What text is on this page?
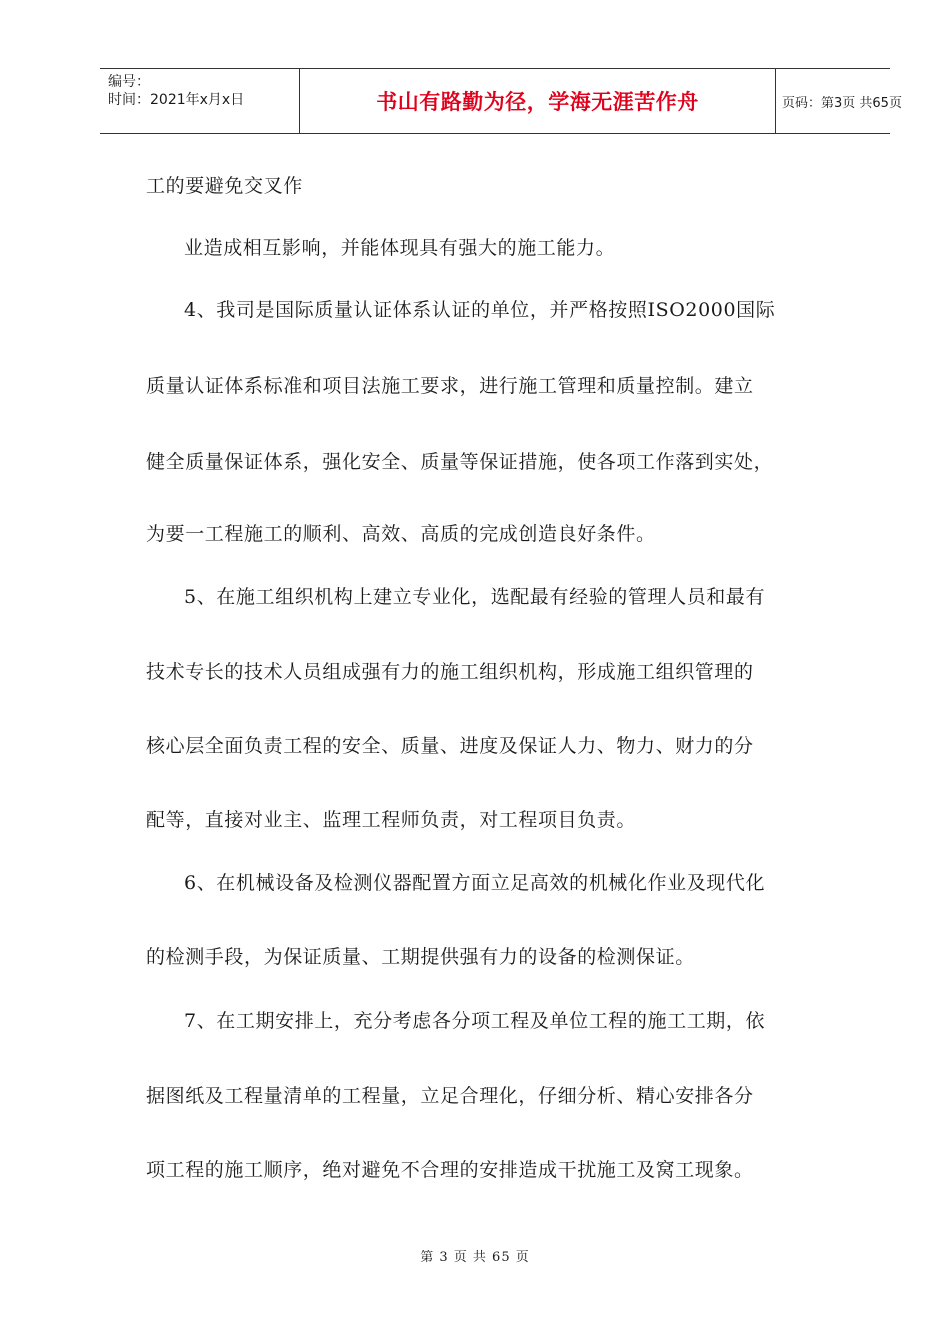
编号：
时间：2021年x月x日	书山有路勤为径，学海无涯苦作舟	页码：第3页 共65页
工的要避免交叉作
业造成相互影响，并能体现具有强大的施工能力。
4、我司是国际质量认证体系认证的单位，并严格按照ISO2000国际
质量认证体系标准和项目法施工要求，进行施工管理和质量控制。建立
健全质量保证体系，强化安全、质量等保证措施，使各项工作落到实处，
为要一工程施工的顺利、高效、高质的完成创造良好条件。
5、在施工组织机构上建立专业化，选配最有经验的管理人员和最有
技术专长的技术人员组成强有力的施工组织机构，形成施工组织管理的
核心层全面负责工程的安全、质量、进度及保证人力、物力、财力的分
配等，直接对业主、监理工程师负责，对工程项目负责。
6、在机械设备及检测仪器配置方面立足高效的机械化作业及现代化
的检测手段，为保证质量、工期提供强有力的设备的检测保证。
7、在工期安排上，充分考虑各分项工程及单位工程的施工工期，依
据图纸及工程量清单的工程量，立足合理化，仔细分析、精心安排各分
项工程的施工顺序，绝对避免不合理的安排造成干扰施工及窝工现象。
第 3 页 共 65 页
